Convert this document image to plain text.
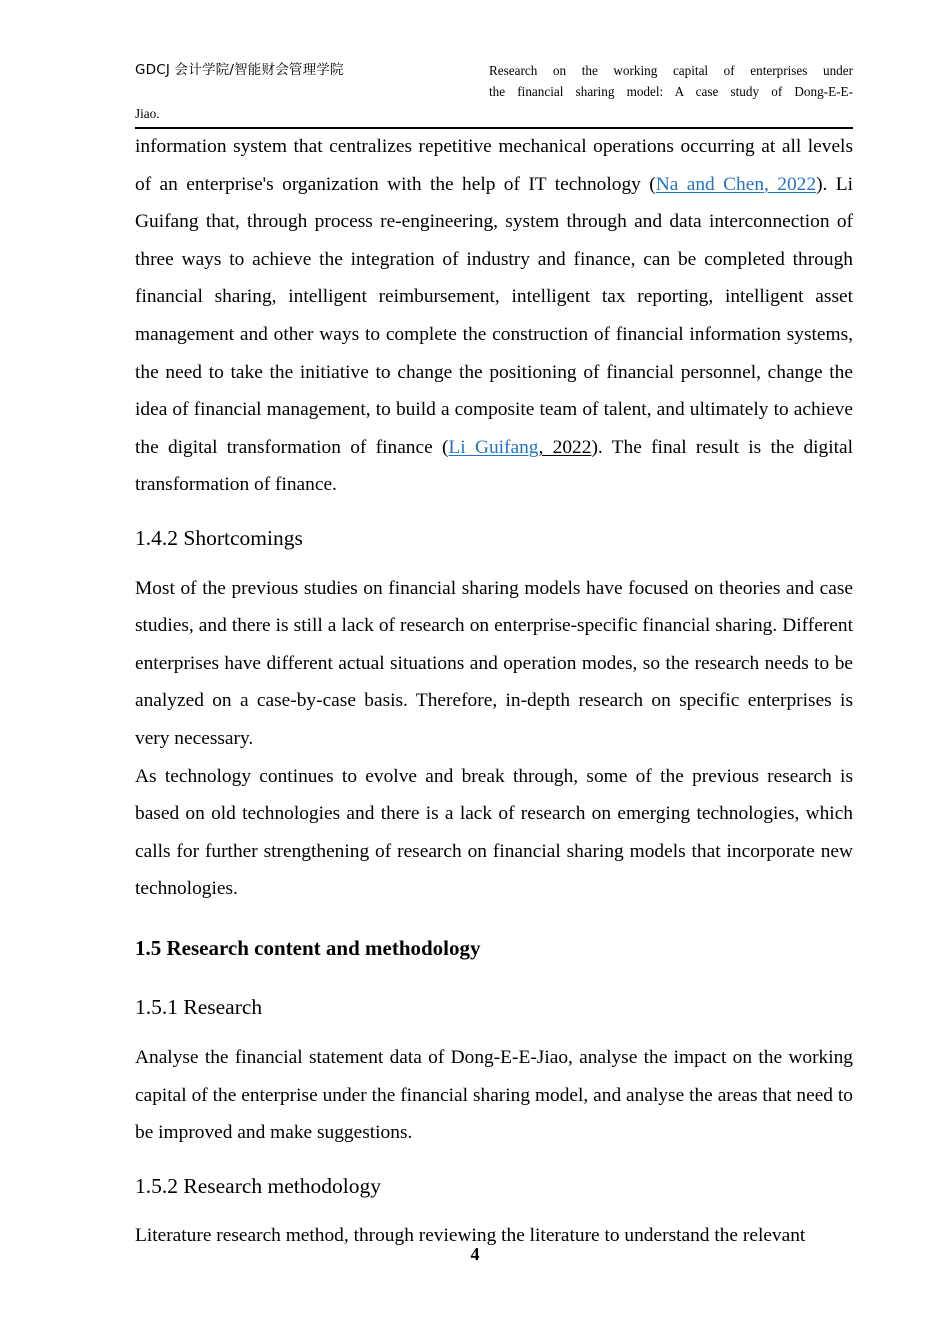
GDCJ 会计学院/智能财会管理学院	Research on the working capital of enterprises under
the financial sharing model: A case study of Dong-E-E-
Jiao.

information system that centralizes repetitive mechanical operations occurring at all levels of an enterprise's organization with the help of IT technology (Na and Chen, 2022). Li Guifang that, through process re-engineering, system through and data interconnection of three ways to achieve the integration of industry and finance, can be completed through financial sharing, intelligent reimbursement, intelligent tax reporting, intelligent asset management and other ways to complete the construction of financial information systems, the need to take the initiative to change the positioning of financial personnel, change the idea of financial management, to build a composite team of talent, and ultimately to achieve the digital transformation of finance (Li Guifang, 2022). The final result is the digital transformation of finance.

1.4.2 Shortcomings

Most of the previous studies on financial sharing models have focused on theories and case studies, and there is still a lack of research on enterprise-specific financial sharing. Different enterprises have different actual situations and operation modes, so the research needs to be analyzed on a case-by-case basis. Therefore, in-depth research on specific enterprises is very necessary.

As technology continues to evolve and break through, some of the previous research is based on old technologies and there is a lack of research on emerging technologies, which calls for further strengthening of research on financial sharing models that incorporate new technologies.

1.5 Research content and methodology
1.5.1 Research

Analyse the financial statement data of Dong-E-E-Jiao, analyse the impact on the working capital of the enterprise under the financial sharing model, and analyse the areas that need to be improved and make suggestions.

1.5.2 Research methodology

Literature research method, through reviewing the literature to understand the relevant

4
